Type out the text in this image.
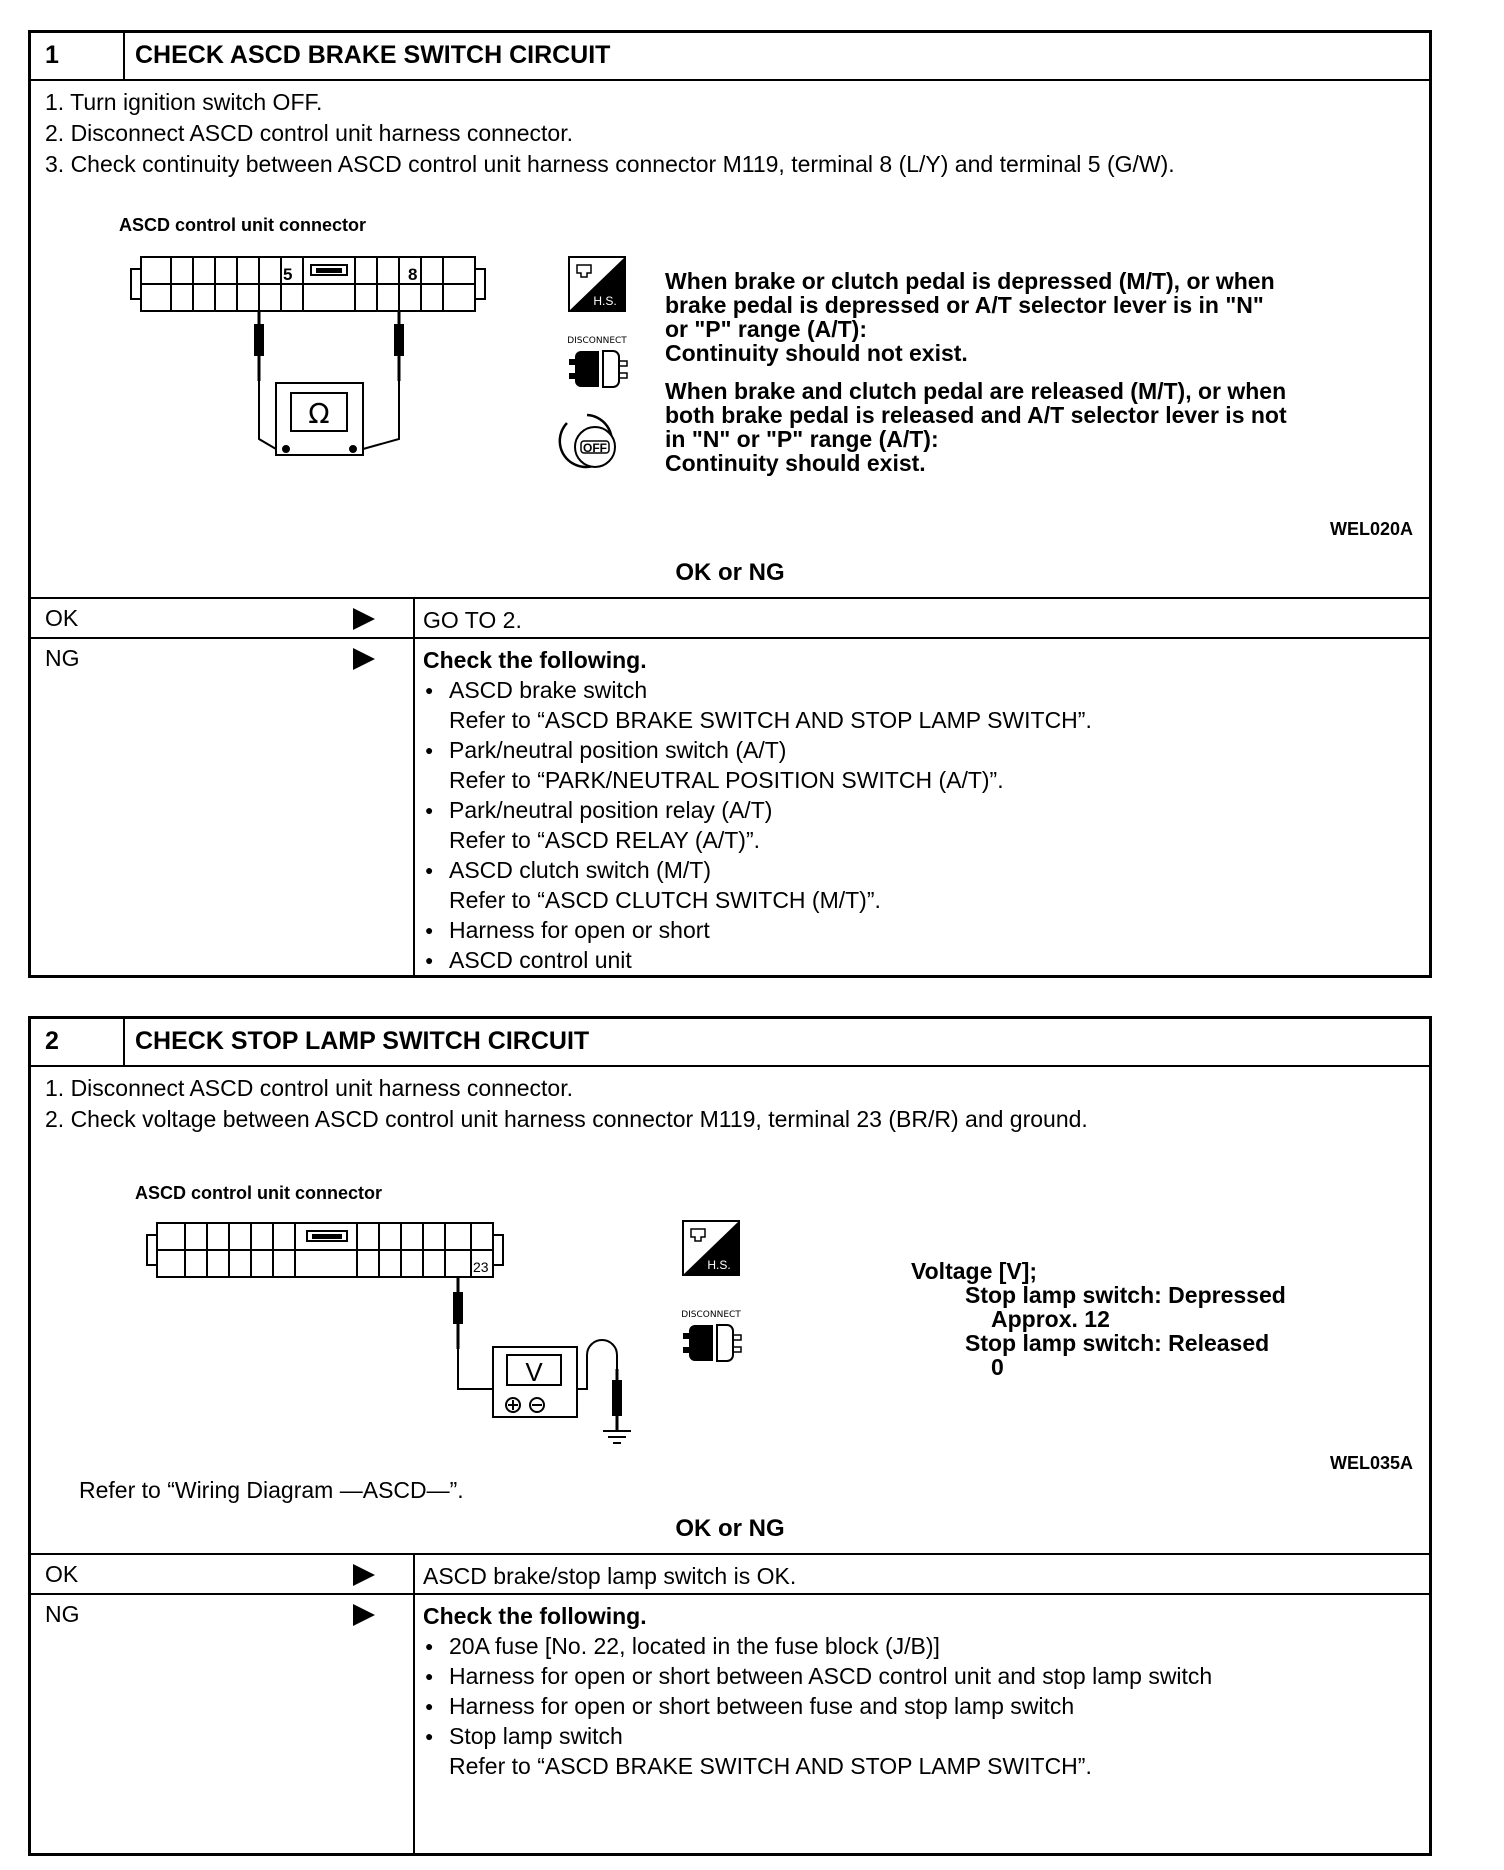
1	CHECK ASCD BRAKE SWITCH CIRCUIT
1. Turn ignition switch OFF.
2. Disconnect ASCD control unit harness connector.
3. Check continuity between ASCD control unit harness connector M119, terminal 8 (L/Y) and terminal 5 (G/W).
ASCD control unit connector
5	8
Ω
H.S.
DISCONNECT
OFF

When brake or clutch pedal is depressed (M/T), or when

brake pedal is depressed or A/T selector lever is in "N"

or "P" range (A/T):

Continuity should not exist.

When brake and clutch pedal are released (M/T), or when

both brake pedal is released and A/T selector lever is not

in "N" or "P" range (A/T):

Continuity should exist.

WEL020A
OK or NG
OK	GO TO 2.
NG	Check the following.
● ASCD brake switch
Refer to “ASCD BRAKE SWITCH AND STOP LAMP SWITCH”.
● Park/neutral position switch (A/T)
Refer to “PARK/NEUTRAL POSITION SWITCH (A/T)”.
● Park/neutral position relay (A/T)
Refer to “ASCD RELAY (A/T)”.
● ASCD clutch switch (M/T)
Refer to “ASCD CLUTCH SWITCH (M/T)”.
● Harness for open or short
● ASCD control unit
2	CHECK STOP LAMP SWITCH CIRCUIT
1. Disconnect ASCD control unit harness connector.
2. Check voltage between ASCD control unit harness connector M119, terminal 23 (BR/R) and ground.
ASCD control unit connector
23
V
H.S.
DISCONNECT

Voltage [V];

Stop lamp switch: Depressed

Approx. 12

Stop lamp switch: Released

0

WEL035A
Refer to “Wiring Diagram —ASCD—”.
OK or NG
OK	ASCD brake/stop lamp switch is OK.
NG	Check the following.
● 20A fuse [No. 22, located in the fuse block (J/B)]
● Harness for open or short between ASCD control unit and stop lamp switch
● Harness for open or short between fuse and stop lamp switch
● Stop lamp switch
Refer to “ASCD BRAKE SWITCH AND STOP LAMP SWITCH”.
